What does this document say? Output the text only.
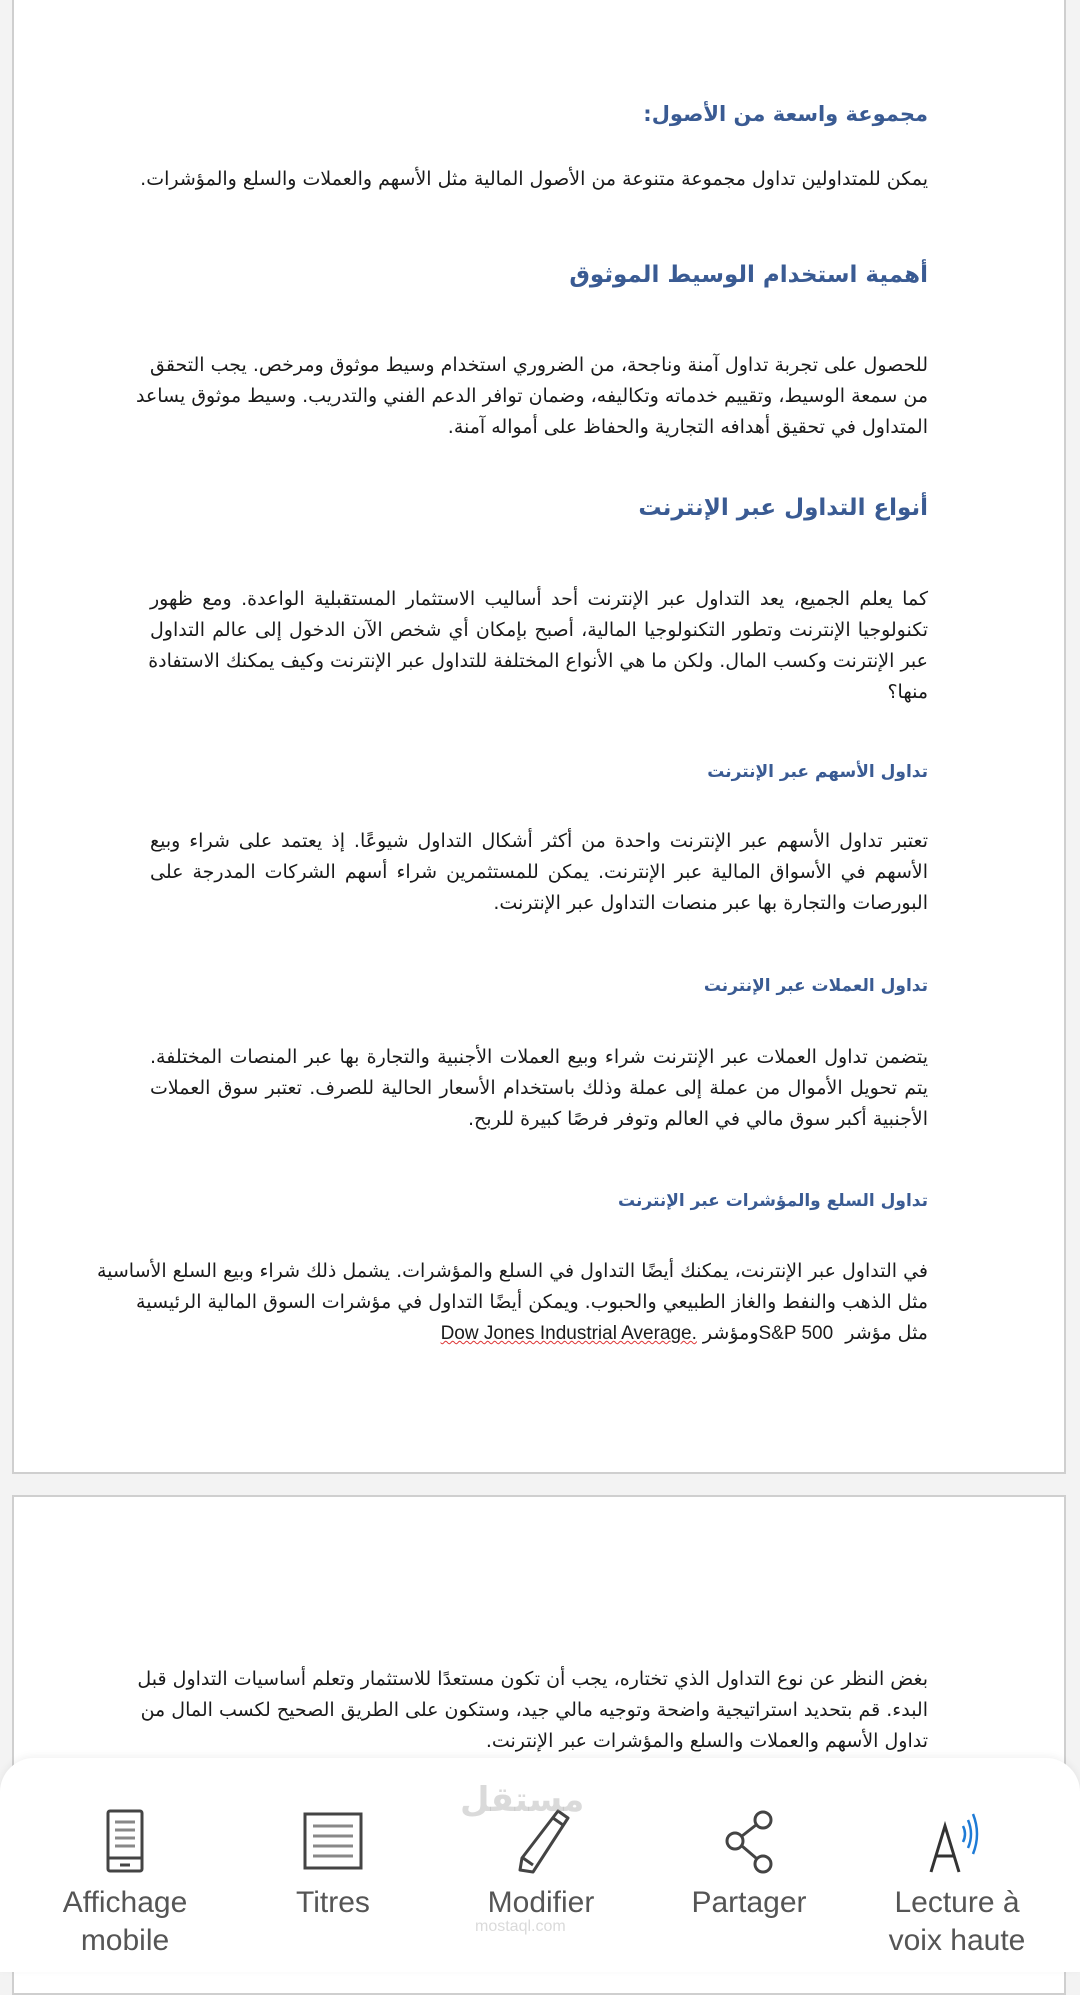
مجموعة واسعة من الأصول:
يمكن للمتداولين تداول مجموعة متنوعة من الأصول المالية مثل الأسهم والعملات والسلع والمؤشرات.
أهمية استخدام الوسيط الموثوق
للحصول على تجربة تداول آمنة وناجحة، من الضروري استخدام وسيط موثوق ومرخص. يجب التحقق
من سمعة الوسيط، وتقييم خدماته وتكاليفه، وضمان توافر الدعم الفني والتدريب. وسيط موثوق يساعد
المتداول في تحقيق أهدافه التجارية والحفاظ على أمواله آمنة.
أنواع التداول عبر الإنترنت
كما يعلم الجميع، يعد التداول عبر الإنترنت أحد أساليب الاستثمار المستقبلية الواعدة. ومع ظهور
تكنولوجيا الإنترنت وتطور التكنولوجيا المالية، أصبح بإمكان أي شخص الآن الدخول إلى عالم التداول
عبر الإنترنت وكسب المال. ولكن ما هي الأنواع المختلفة للتداول عبر الإنترنت وكيف يمكنك الاستفادة
منها؟
تداول الأسهم عبر الإنترنت
تعتبر تداول الأسهم عبر الإنترنت واحدة من أكثر أشكال التداول شيوعًا. إذ يعتمد على شراء وبيع
الأسهم في الأسواق المالية عبر الإنترنت. يمكن للمستثمرين شراء أسهم الشركات المدرجة على
البورصات والتجارة بها عبر منصات التداول عبر الإنترنت.
تداول العملات عبر الإنترنت
يتضمن تداول العملات عبر الإنترنت شراء وبيع العملات الأجنبية والتجارة بها عبر المنصات المختلفة.
يتم تحويل الأموال من عملة إلى عملة وذلك باستخدام الأسعار الحالية للصرف. تعتبر سوق العملات
الأجنبية أكبر سوق مالي في العالم وتوفر فرصًا كبيرة للربح.
تداول السلع والمؤشرات عبر الإنترنت
في التداول عبر الإنترنت، يمكنك أيضًا التداول في السلع والمؤشرات. يشمل ذلك شراء وبيع السلع الأساسية
مثل الذهب والنفط والغاز الطبيعي والحبوب. ويمكن أيضًا التداول في مؤشرات السوق المالية الرئيسية
مثل مؤشر  S&P 500ومؤشر Dow Jones Industrial Average.
بغض النظر عن نوع التداول الذي تختاره، يجب أن تكون مستعدًا للاستثمار وتعلم أساسيات التداول قبل
البدء. قم بتحديد استراتيجية واضحة وتوجيه مالي جيد، وستكون على الطريق الصحيح لكسب المال من
تداول الأسهم والعملات والسلع والمؤشرات عبر الإنترنت.
Affichage
mobile
Titres	Modifier	Partager	Lecture à
voix haute
مستقل
mostaql.com
